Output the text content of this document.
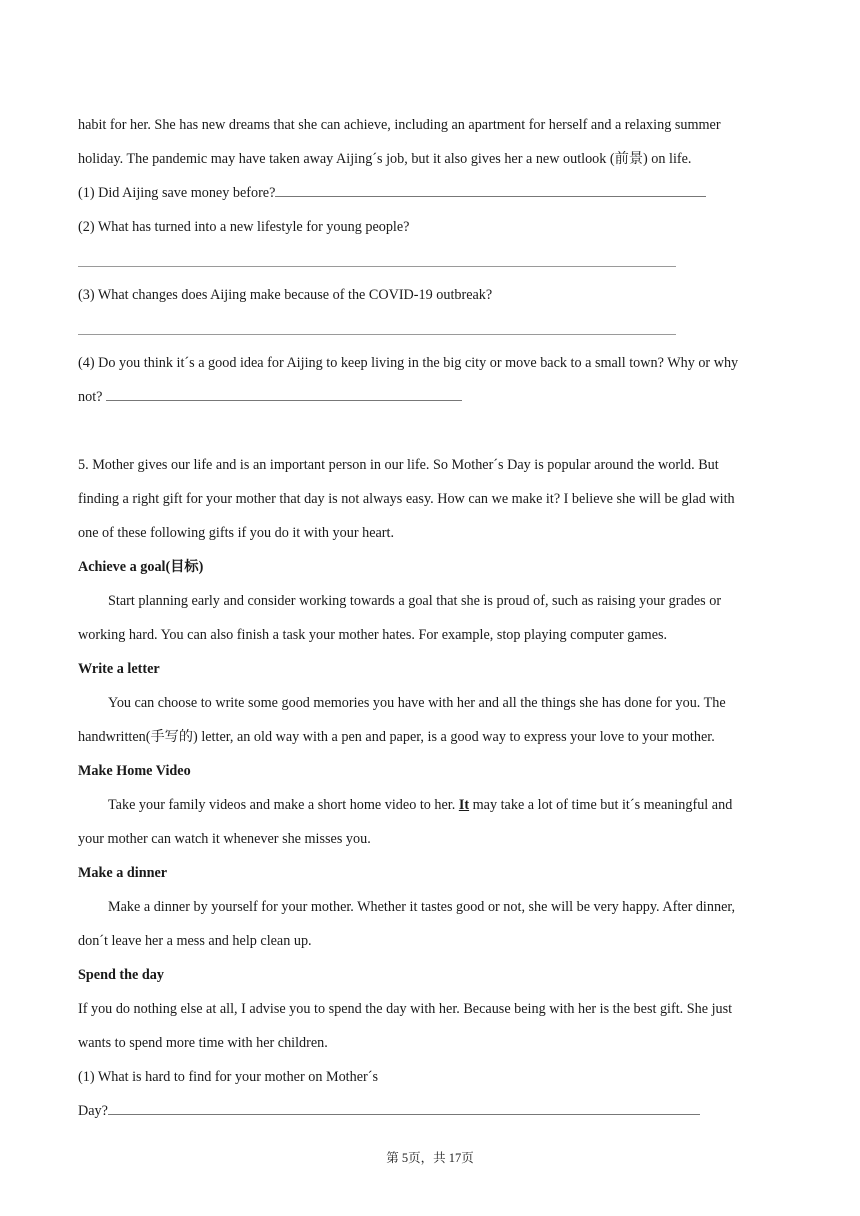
habit for her. She has new dreams that she can achieve, including an apartment for herself and a relaxing summer
holiday. The pandemic may have taken away Aijingˊs job, but it also gives her a new outlook (前景) on life.
(1) Did Aijing save money before?
(2) What has turned into a new lifestyle for young people?
(3) What changes does Aijing make because of the COVID-19 outbreak?
(4) Do you think itˊs a good idea for Aijing to keep living in the big city or move back to a small town? Why or why
not?
5. Mother gives our life and is an important person in our life. So Motherˊs Day is popular around the world. But
finding a right gift for your mother that day is not always easy. How can we make it? I believe she will be glad with
one of these following gifts if you do it with your heart.
Achieve a goal(目标)
Start planning early and consider working towards a goal that she is proud of, such as raising your grades or
working hard. You can also finish a task your mother hates. For example, stop playing computer games.
Write a letter
You can choose to write some good memories you have with her and all the things she has done for you. The
handwritten(手写的) letter, an old way with a pen and paper, is a good way to express your love to your mother.
Make Home Video
Take your family videos and make a short home video to her. It may take a lot of time but itˊs meaningful and
your mother can watch it whenever she misses you.
Make a dinner
Make a dinner by yourself for your mother. Whether it tastes good or not, she will be very happy. After dinner,
donˊt leave her a mess and help clean up.
Spend the day
If you do nothing else at all, I advise you to spend the day with her. Because being with her is the best gift. She just
wants to spend more time with her children.
(1) What is hard to find for your mother on Motherˊs
Day?
第 5页，共 17页
